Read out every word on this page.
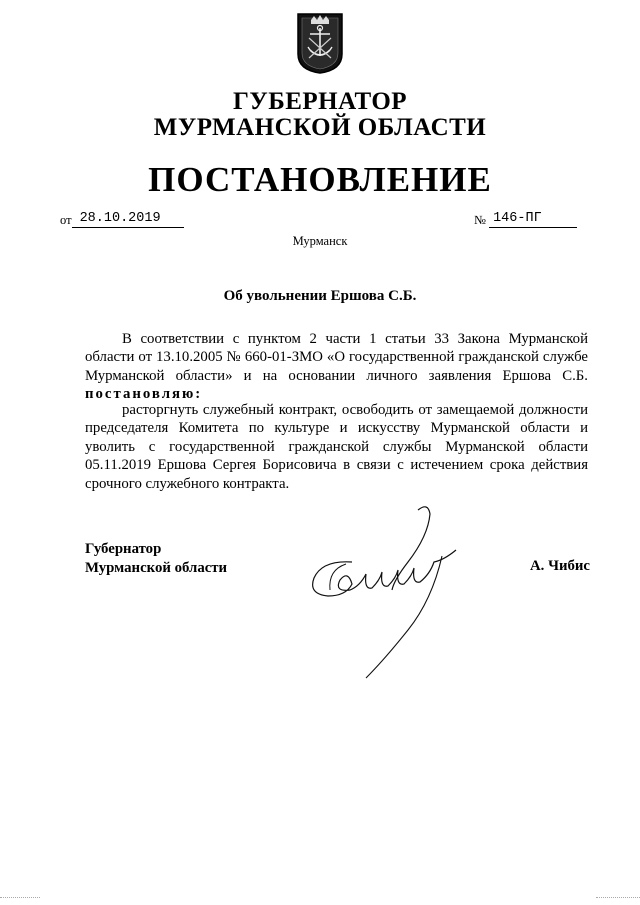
ГУБЕРНАТОР
МУРМАНСКОЙ ОБЛАСТИ
ПОСТАНОВЛЕНИЕ
от 28.10.2019	№ 146-ПГ
Мурманск
Об увольнении Ершова С.Б.
В соответствии с пунктом 2 части 1 статьи 33 Закона Мурманской области от 13.10.2005 № 660-01-ЗМО «О государственной гражданской службе Мурманской области» и на основании личного заявления Ершова С.Б. постановляю:
расторгнуть служебный контракт, освободить от замещаемой должности председателя Комитета по культуре и искусству Мурманской области и уволить с государственной гражданской службы Мурманской области 05.11.2019 Ершова Сергея Борисовича в связи с истечением срока действия срочного служебного контракта.
Губернатор
Мурманской области	А. Чибис
